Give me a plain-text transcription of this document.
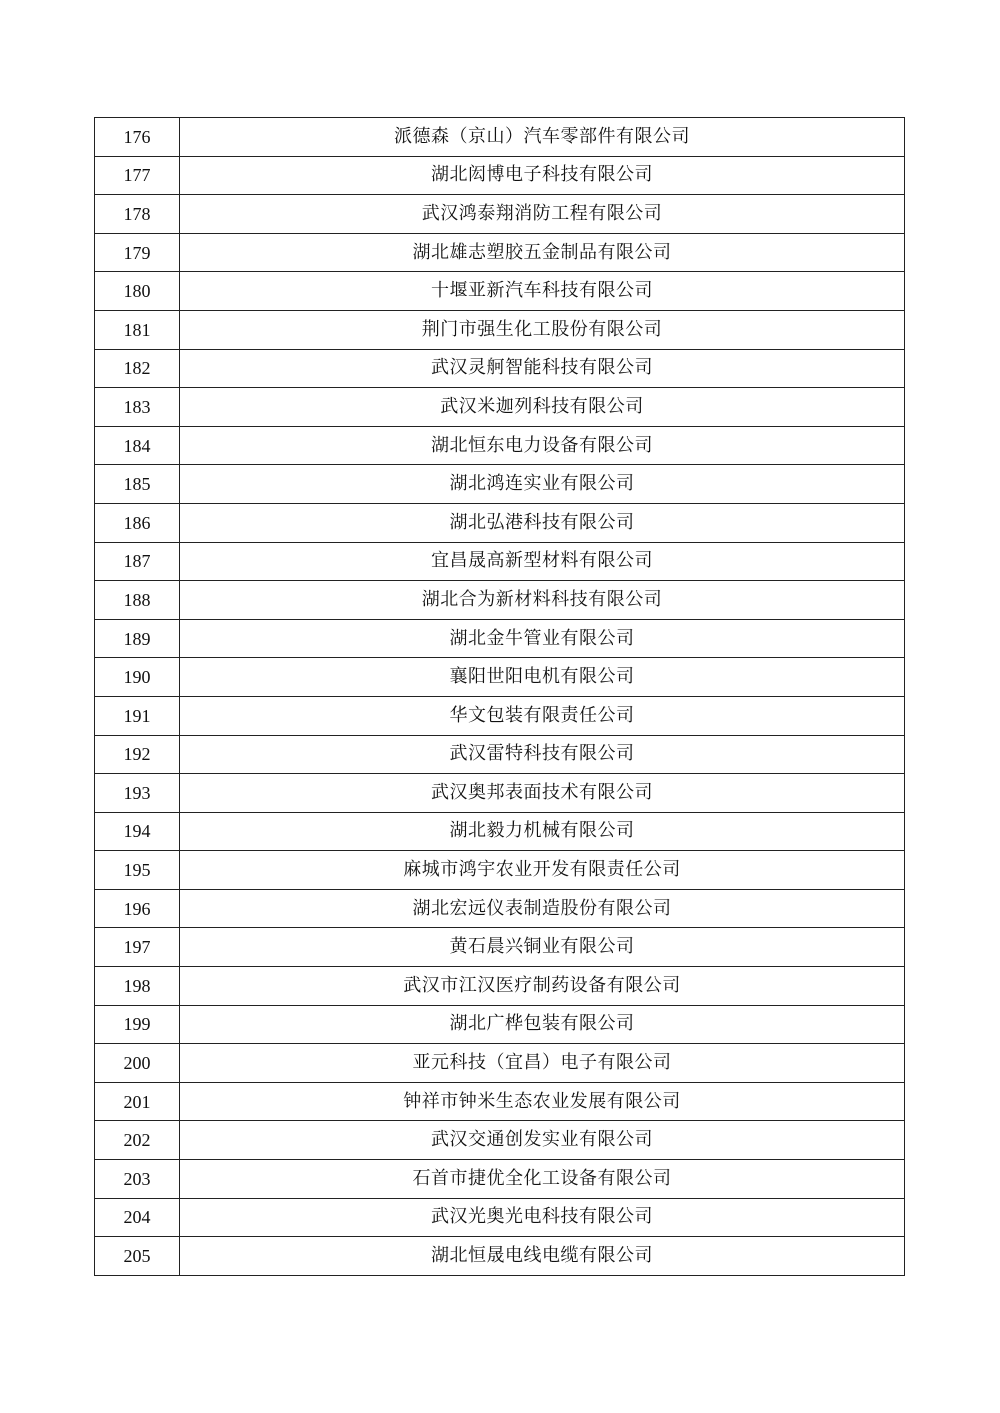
176	派德森（京山）汽车零部件有限公司
177	湖北闳博电子科技有限公司
178	武汉鸿泰翔消防工程有限公司
179	湖北雄志塑胶五金制品有限公司
180	十堰亚新汽车科技有限公司
181	荆门市强生化工股份有限公司
182	武汉灵舸智能科技有限公司
183	武汉米迦列科技有限公司
184	湖北恒东电力设备有限公司
185	湖北鸿连实业有限公司
186	湖北弘港科技有限公司
187	宜昌晟高新型材料有限公司
188	湖北合为新材料科技有限公司
189	湖北金牛管业有限公司
190	襄阳世阳电机有限公司
191	华文包装有限责任公司
192	武汉雷特科技有限公司
193	武汉奥邦表面技术有限公司
194	湖北毅力机械有限公司
195	麻城市鸿宇农业开发有限责任公司
196	湖北宏远仪表制造股份有限公司
197	黄石晨兴铜业有限公司
198	武汉市江汉医疗制药设备有限公司
199	湖北广桦包装有限公司
200	亚元科技（宜昌）电子有限公司
201	钟祥市钟米生态农业发展有限公司
202	武汉交通创发实业有限公司
203	石首市捷优全化工设备有限公司
204	武汉光奥光电科技有限公司
205	湖北恒晟电线电缆有限公司
